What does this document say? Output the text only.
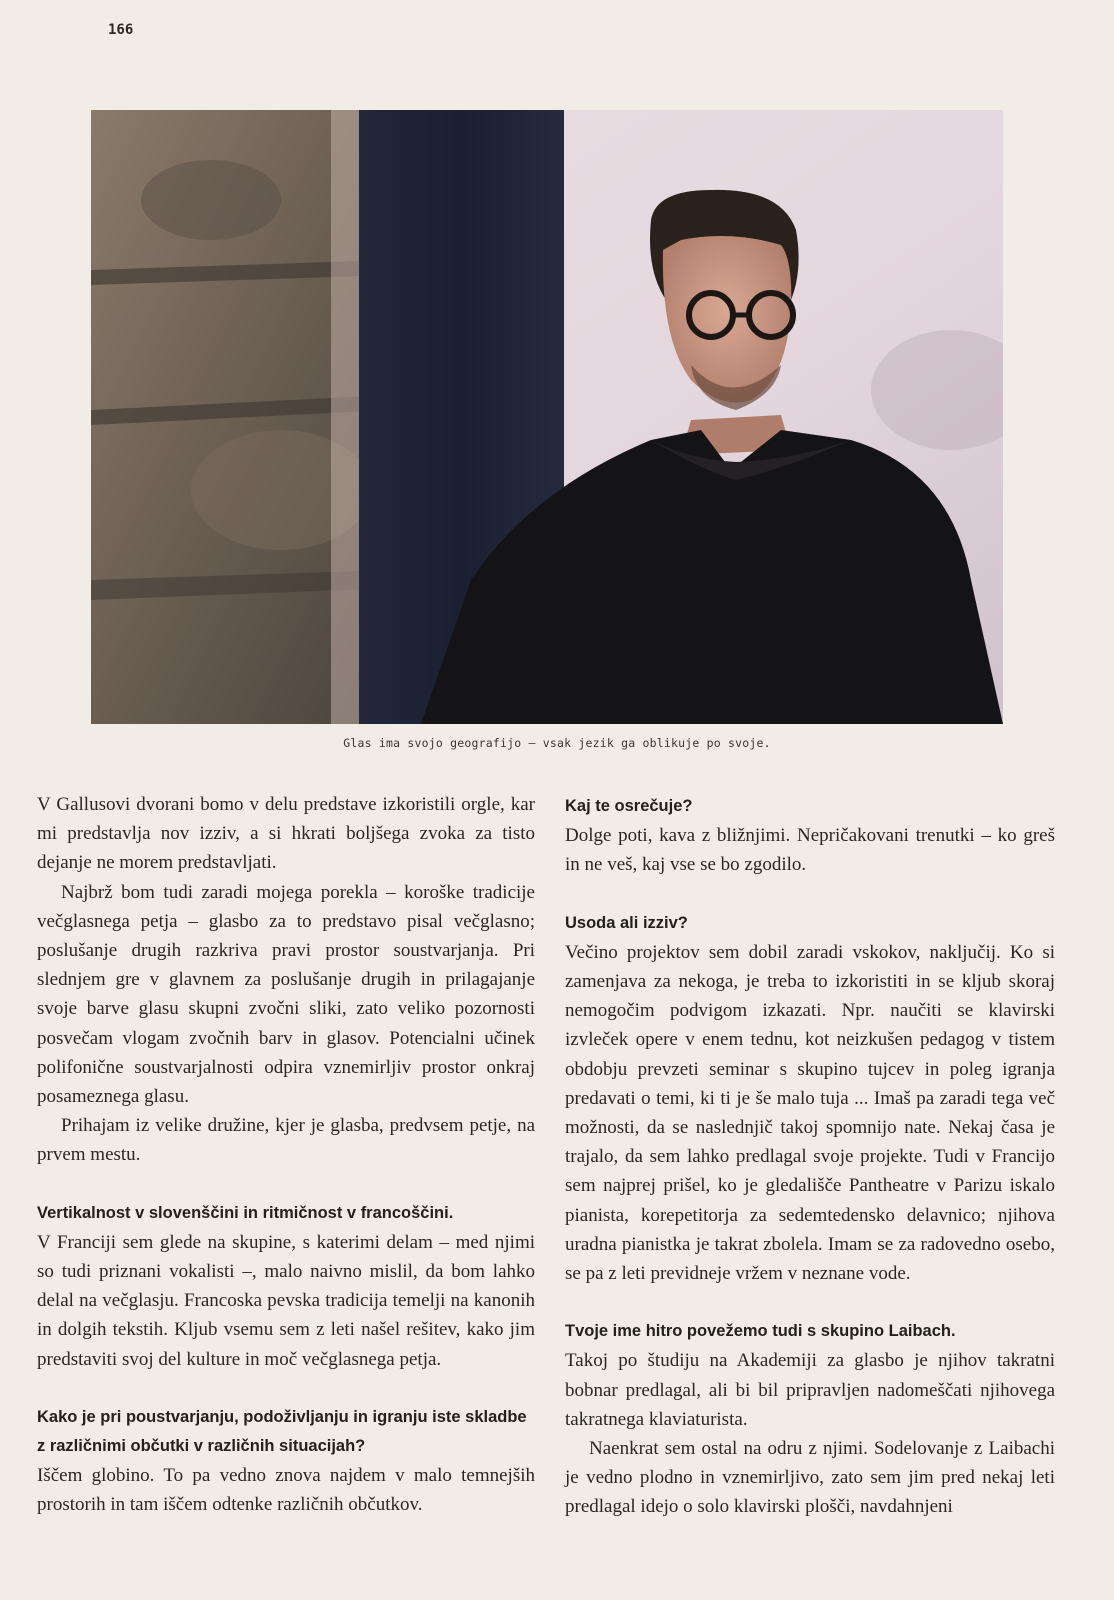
166
Glas ima svojo geografijo – vsak jezik ga oblikuje po svoje.

V Gallusovi dvorani bomo v delu predstave izkoristili orgle, kar mi predstavlja nov izziv, a si hkrati boljšega zvoka za tisto dejanje ne morem predstavljati.

Najbrž bom tudi zaradi mojega porekla – koroške tradicije večglasnega petja – glasbo za to predstavo pisal večglasno; poslušanje drugih razkriva pravi prostor soustvarjanja. Pri slednjem gre v glavnem za poslušanje drugih in prilagajanje svoje barve glasu skupni zvočni sliki, zato veliko pozornosti posvečam vlogam zvočnih barv in glasov. Potencialni učinek polifonične soustvarjalnosti odpira vznemirljiv prostor onkraj posameznega glasu.

Prihajam iz velike družine, kjer je glasba, predvsem petje, na prvem mestu.

Vertikalnost v slovenščini in ritmičnost v francoščini.

V Franciji sem glede na skupine, s katerimi delam – med njimi so tudi priznani vokalisti –, malo naivno mislil, da bom lahko delal na večglasju. Francoska pevska tradicija temelji na kanonih in dolgih tekstih. Kljub vsemu sem z leti našel rešitev, kako jim predstaviti svoj del kulture in moč večglasnega petja.

Kako je pri poustvarjanju, podoživljanju in igranju iste skladbe z različnimi občutki v različnih situacijah?

Iščem globino. To pa vedno znova najdem v malo temnejših prostorih in tam iščem odtenke različnih občutkov.

Kaj te osrečuje?

Dolge poti, kava z bližnjimi. Nepričakovani trenutki – ko greš in ne veš, kaj vse se bo zgodilo.

Usoda ali izziv?

Večino projektov sem dobil zaradi vskokov, naključij. Ko si zamenjava za nekoga, je treba to izkoristiti in se kljub skoraj nemogočim podvigom izkazati. Npr. naučiti se klavirski izvleček opere v enem tednu, kot neizkušen pedagog v tistem obdobju prevzeti seminar s skupino tujcev in poleg igranja predavati o temi, ki ti je še malo tuja ... Imaš pa zaradi tega več možnosti, da se naslednjič takoj spomnijo nate. Nekaj časa je trajalo, da sem lahko predlagal svoje projekte. Tudi v Francijo sem najprej prišel, ko je gledališče Pantheatre v Parizu iskalo pianista, korepetitorja za sedemtedensko delavnico; njihova uradna pianistka je takrat zbolela. Imam se za radovedno osebo, se pa z leti previdneje vržem v neznane vode.

Tvoje ime hitro povežemo tudi s skupino Laibach.

Takoj po študiju na Akademiji za glasbo je njihov takratni bobnar predlagal, ali bi bil pripravljen nadomeščati njihovega takratnega klaviaturista.

Naenkrat sem ostal na odru z njimi. Sodelovanje z Laibachi je vedno plodno in vznemirljivo, zato sem jim pred nekaj leti predlagal idejo o solo klavirski plošči, navdahnjeni
